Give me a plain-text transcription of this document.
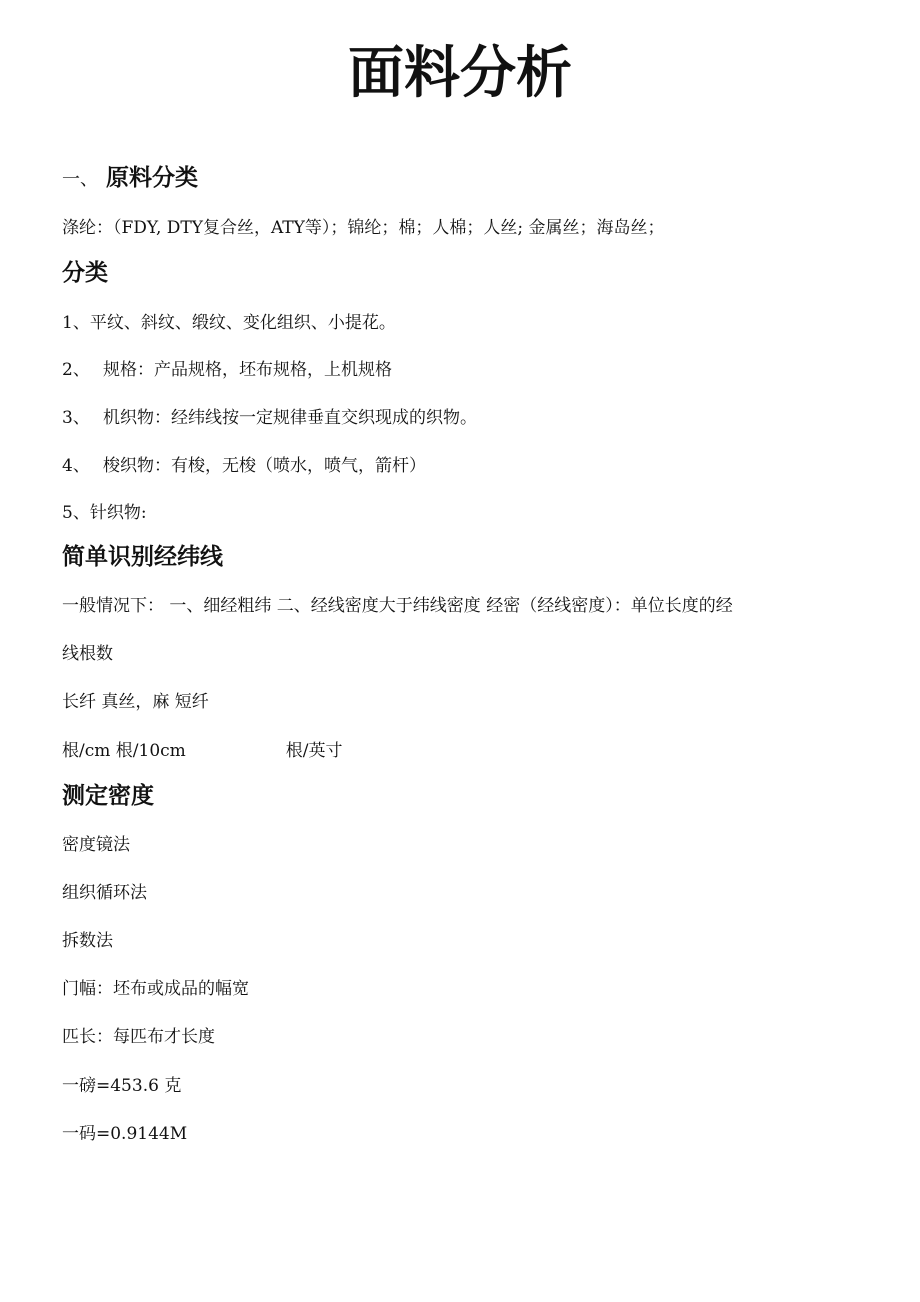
面料分析
一、 原料分类

涤纶：（FDY, DTY复合丝，ATY等）；锦纶；棉；人棉；人丝; 金属丝；海岛丝；

分类

1、平纹、斜纹、缎纹、变化组织、小提花。

2、 规格：产品规格，坯布规格，上机规格

3、 机织物：经纬线按一定规律垂直交织现成的织物。

4、 梭织物：有梭，无梭（喷水，喷气，箭杆）

5、针织物:

简单识别经纬线

一般情况下： 一、细经粗纬 二、经线密度大于纬线密度 经密（经线密度）：单位长度的经

线根数

长纤 真丝，麻 短纤

根/cm 根/10cm	根/英寸

测定密度

密度镜法

组织循环法

拆数法

门幅：坯布或成品的幅宽

匹长：每匹布才长度

一磅=453.6 克

一码=0.9144M
